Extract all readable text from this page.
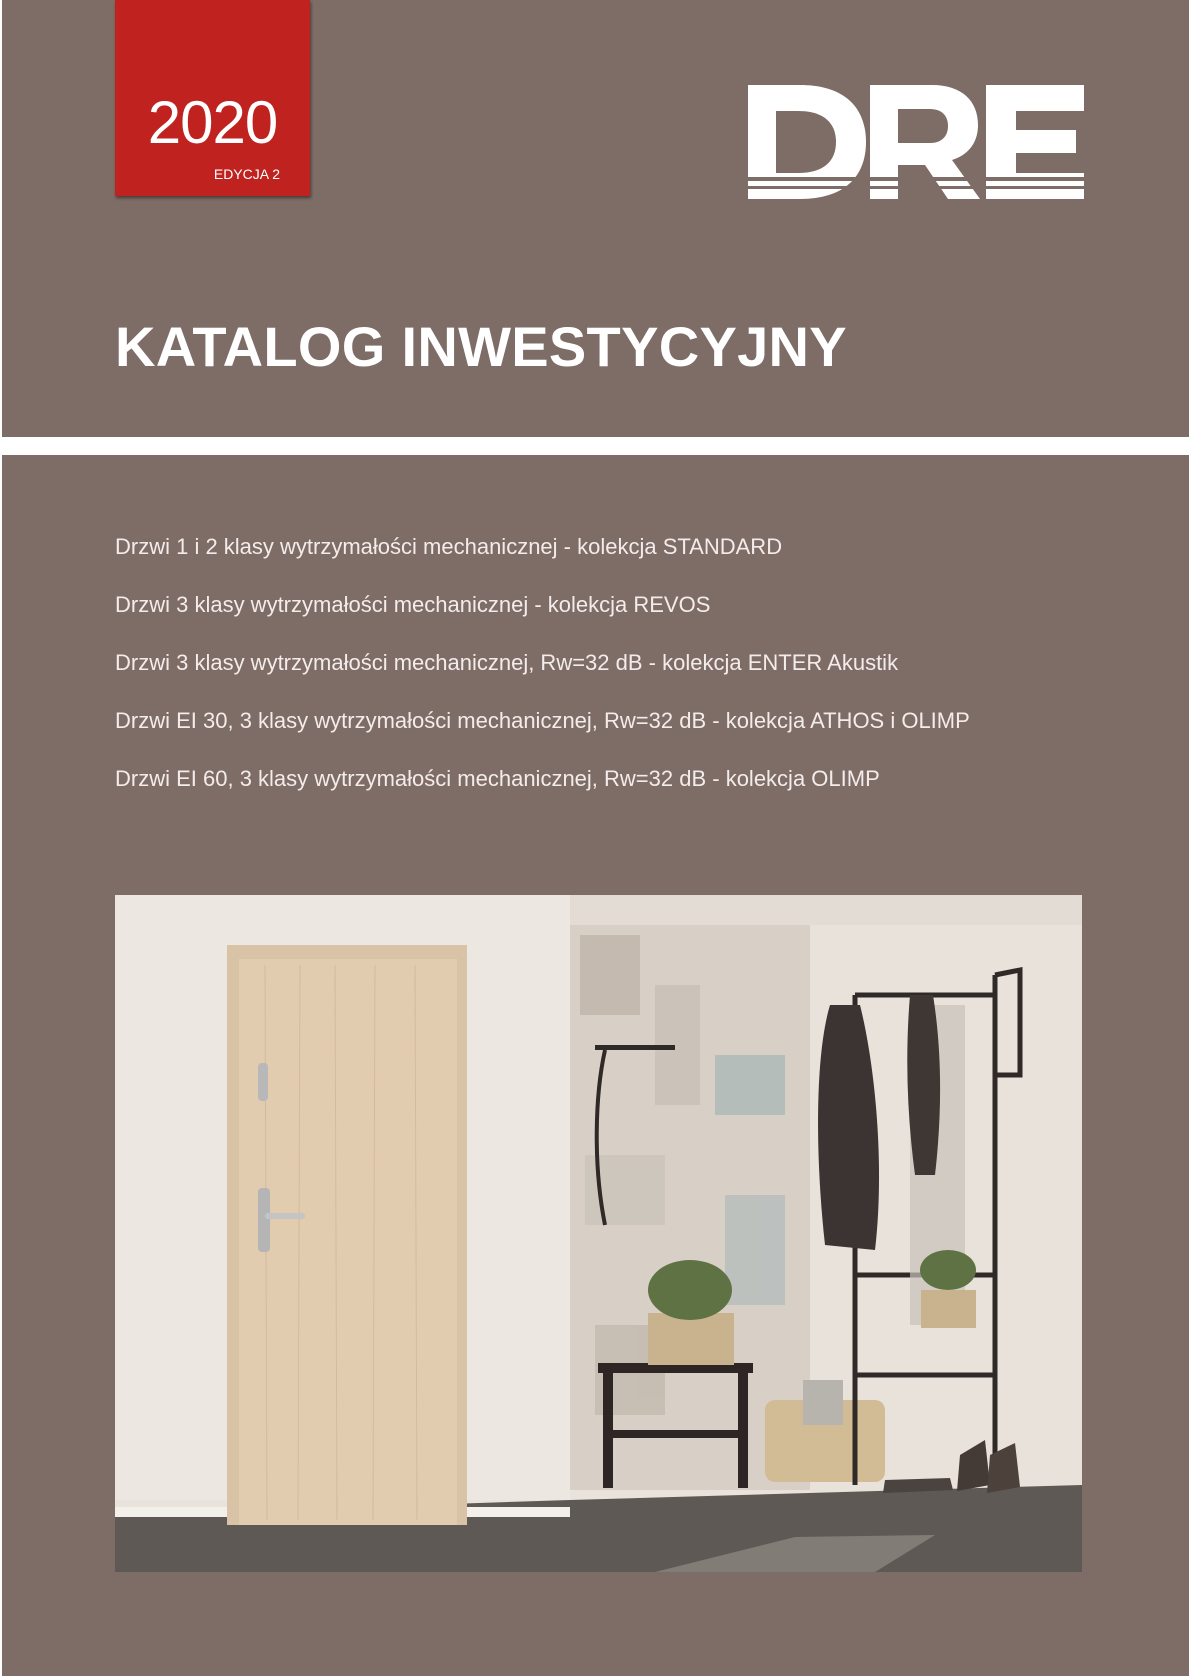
2020
EDYCJA 2
KATALOG INWESTYCYJNY
Drzwi 1 i 2 klasy wytrzymałości mechanicznej - kolekcja STANDARD
Drzwi 3 klasy wytrzymałości mechanicznej - kolekcja REVOS
Drzwi 3 klasy wytrzymałości mechanicznej, Rw=32 dB - kolekcja ENTER Akustik
Drzwi EI 30, 3 klasy wytrzymałości mechanicznej, Rw=32 dB - kolekcja ATHOS i OLIMP
Drzwi EI 60, 3 klasy wytrzymałości mechanicznej, Rw=32 dB - kolekcja OLIMP
